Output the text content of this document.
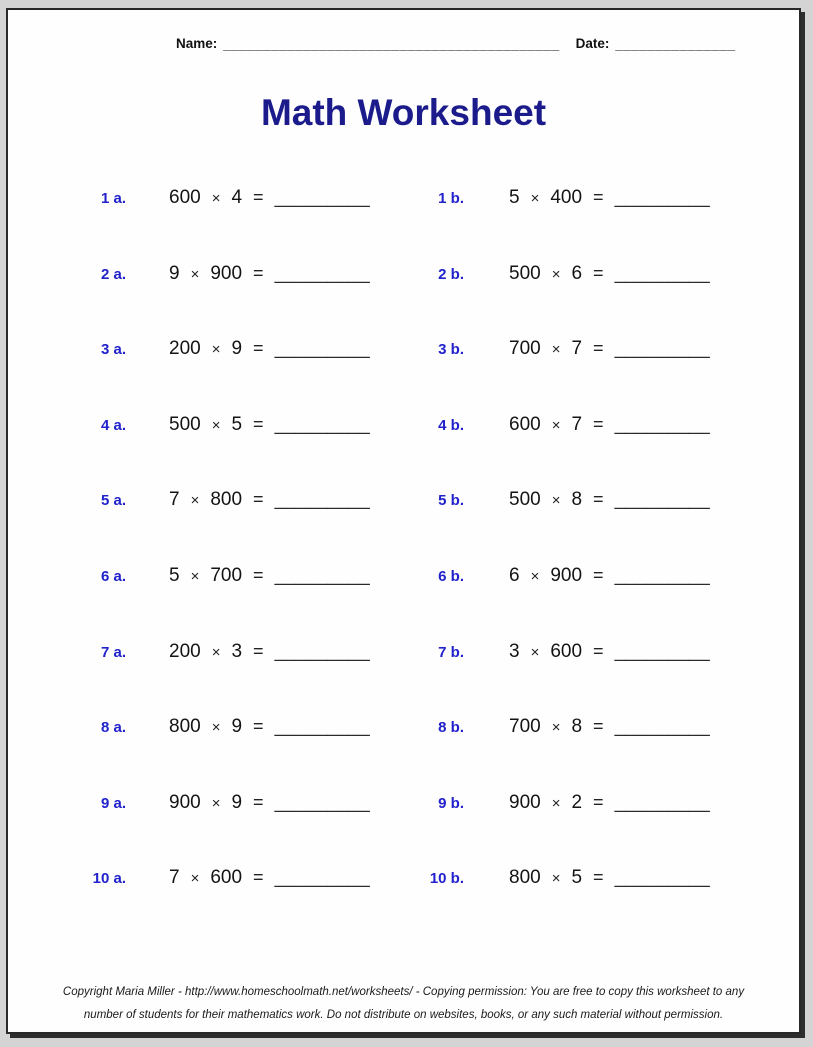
Name: __________________________________________ Date: _______________
Math Worksheet
1 a. 600 × 4 = _________	1 b. 5 × 400 = _________
2 a. 9 × 900 = _________	2 b. 500 × 6 = _________
3 a. 200 × 9 = _________	3 b. 700 × 7 = _________
4 a. 500 × 5 = _________	4 b. 600 × 7 = _________
5 a. 7 × 800 = _________	5 b. 500 × 8 = _________
6 a. 5 × 700 = _________	6 b. 6 × 900 = _________
7 a. 200 × 3 = _________	7 b. 3 × 600 = _________
8 a. 800 × 9 = _________	8 b. 700 × 8 = _________
9 a. 900 × 9 = _________	9 b. 900 × 2 = _________
10 a. 7 × 600 = _________	10 b. 800 × 5 = _________
Copyright Maria Miller - http://www.homeschoolmath.net/worksheets/ - Copying permission: You are free to copy this worksheet to any
number of students for their mathematics work. Do not distribute on websites, books, or any such material without permission.
